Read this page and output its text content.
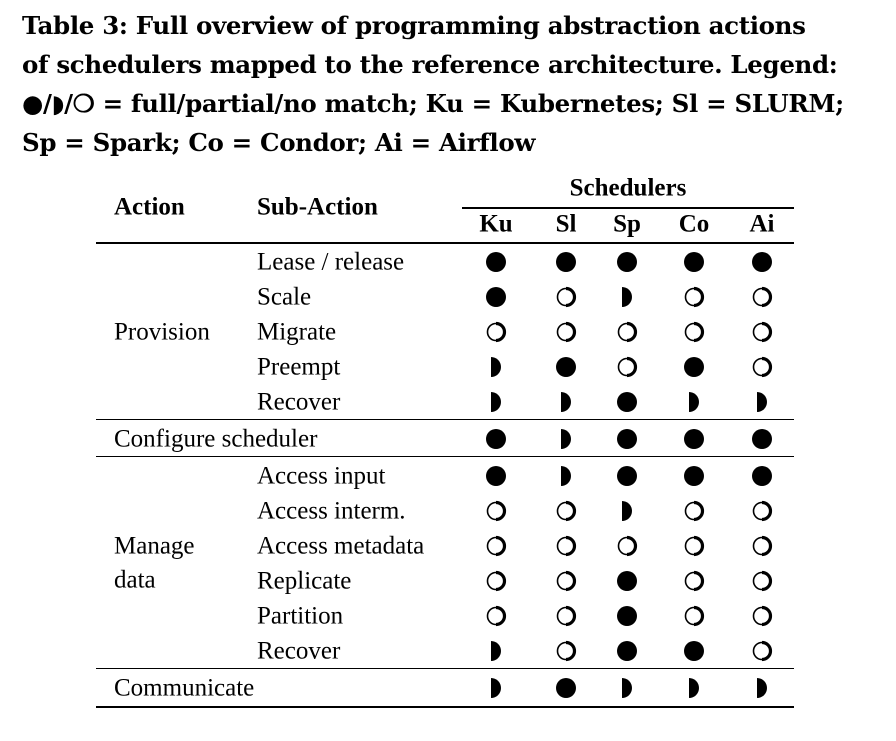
Table 3: Full overview of programming abstraction actions
of schedulers mapped to the reference architecture. Legend:
●/◗/❍ = full/partial/no match; Ku = Kubernetes; Sl = SLURM;
Sp = Spark; Co = Condor; Ai = Airflow
Action	Sub-Action
Schedulers
Ku Sl Sp Co Ai
Provision
Lease / release
Scale
Migrate
Preempt
Recover
Configure scheduler
Manage
data
Access input
Access interm.
Access metadata
Replicate
Partition
Recover
Communicate
